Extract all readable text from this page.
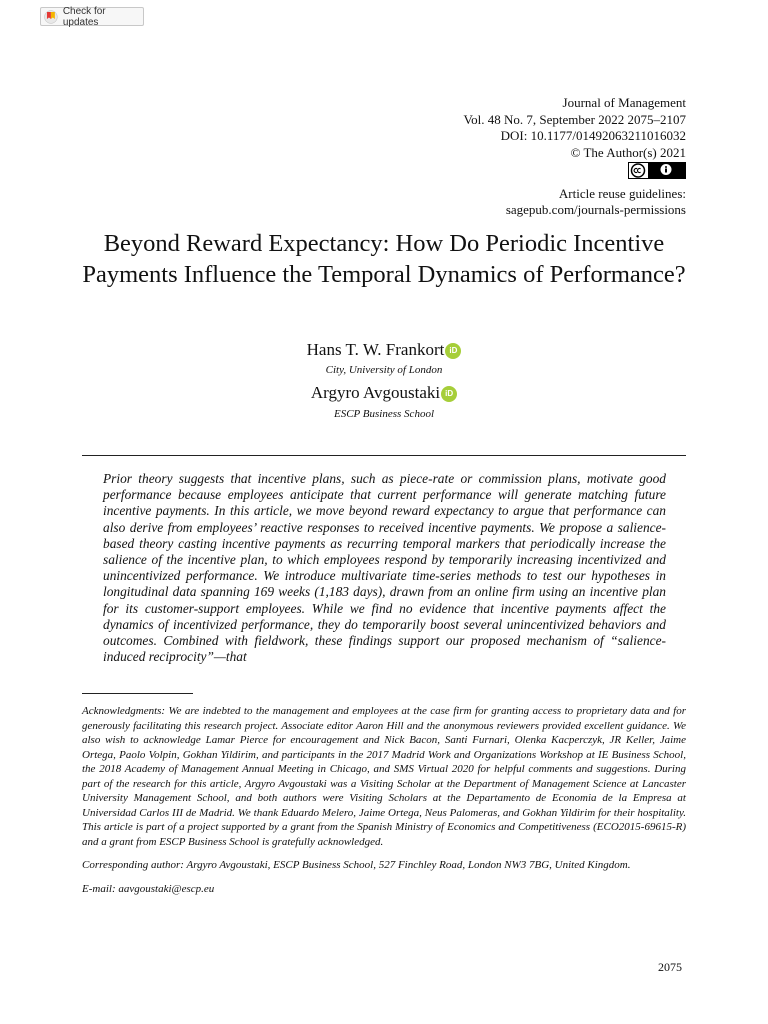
Check for updates
Journal of Management
Vol. 48 No. 7, September 2022 2075–2107
DOI: 10.1177/01492063211016032
© The Author(s) 2021
Article reuse guidelines:
sagepub.com/journals-permissions
Beyond Reward Expectancy: How Do Periodic Incentive Payments Influence the Temporal Dynamics of Performance?
Hans T. W. Frankort iD
City, University of London
Argyro Avgoustaki iD
ESCP Business School

Prior theory suggests that incentive plans, such as piece-rate or commission plans, motivate good performance because employees anticipate that current performance will generate matching future incentive payments. In this article, we move beyond reward expectancy to argue that performance can also derive from employees’ reactive responses to received incentive payments. We propose a salience-based theory casting incentive payments as recurring temporal markers that periodically increase the salience of the incentive plan, to which employees respond by temporarily increasing incentivized and unincentivized performance. We introduce multivariate time-series methods to test our hypotheses in longitudinal data spanning 169 weeks (1,183 days), drawn from an online firm using an incentive plan for its customer-support employees. While we find no evidence that incentive payments affect the dynamics of incentivized performance, they do temporarily boost several unincentivized behaviors and outcomes. Combined with fieldwork, these findings support our proposed mechanism of “salience-induced reciprocity”—that

Acknowledgments: We are indebted to the management and employees at the case firm for granting access to proprietary data and for generously facilitating this research project. Associate editor Aaron Hill and the anonymous reviewers provided excellent guidance. We also wish to acknowledge Lamar Pierce for encouragement and Nick Bacon, Santi Furnari, Olenka Kacperczyk, JR Keller, Jaime Ortega, Paolo Volpin, Gokhan Yildirim, and participants in the 2017 Madrid Work and Organizations Workshop at IE Business School, the 2018 Academy of Management Annual Meeting in Chicago, and SMS Virtual 2020 for helpful comments and suggestions. During part of the research for this article, Argyro Avgoustaki was a Visiting Scholar at the Department of Management Science at Lancaster University Management School, and both authors were Visiting Scholars at the Departamento de Economia de la Empresa at Universidad Carlos III de Madrid. We thank Eduardo Melero, Jaime Ortega, Neus Palomeras, and Gokhan Yildirim for their hospitality. This article is part of a project supported by a grant from the Spanish Ministry of Economics and Competitiveness (ECO2015-69615-R) and a grant from ESCP Business School is gratefully acknowledged.

Corresponding author: Argyro Avgoustaki, ESCP Business School, 527 Finchley Road, London NW3 7BG, United Kingdom.

E-mail: aavgoustaki@escp.eu

2075
